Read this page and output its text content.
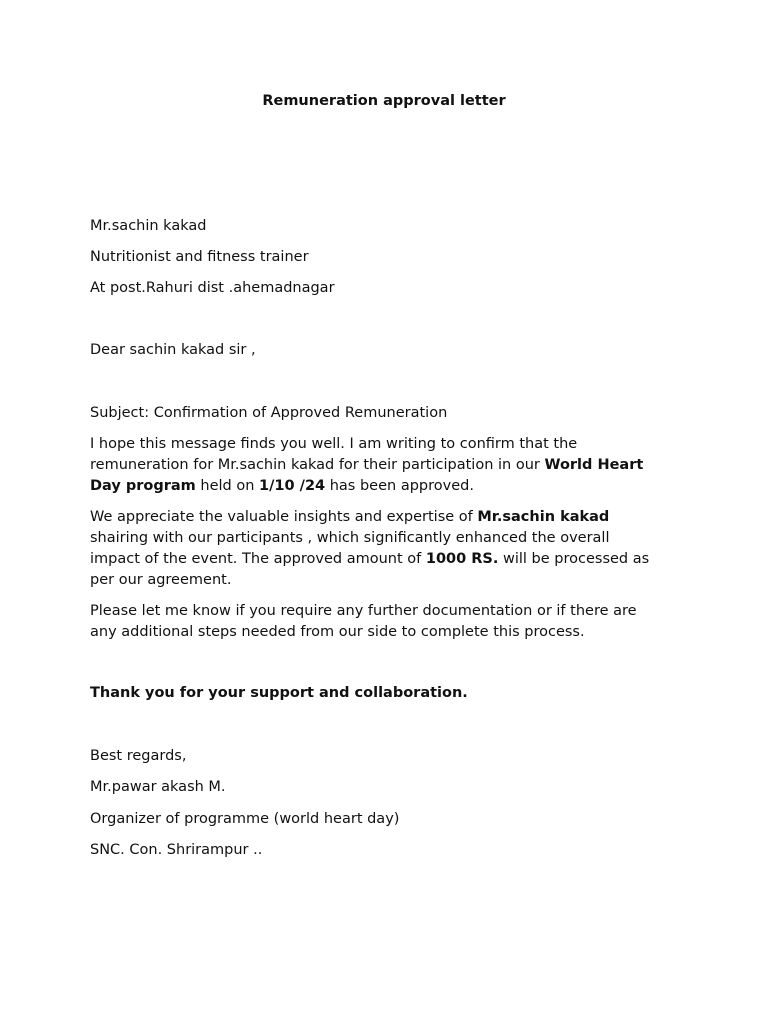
Remuneration approval letter
Mr.sachin kakad
Nutritionist and fitness trainer
At post.Rahuri dist .ahemadnagar
Dear sachin kakad sir ,
Subject: Confirmation of Approved Remuneration
I hope this message finds you well. I am writing to confirm that the
remuneration for Mr.sachin kakad for their participation in our World Heart
Day program held on 1/10 /24 has been approved.
We appreciate the valuable insights and expertise of Mr.sachin kakad
shairing with our participants , which significantly enhanced the overall
impact of the event. The approved amount of 1000 RS. will be processed as
per our agreement.
Please let me know if you require any further documentation or if there are
any additional steps needed from our side to complete this process.
Thank you for your support and collaboration.
Best regards,
Mr.pawar akash M.
Organizer of programme (world heart day)
SNC. Con. Shrirampur ..
